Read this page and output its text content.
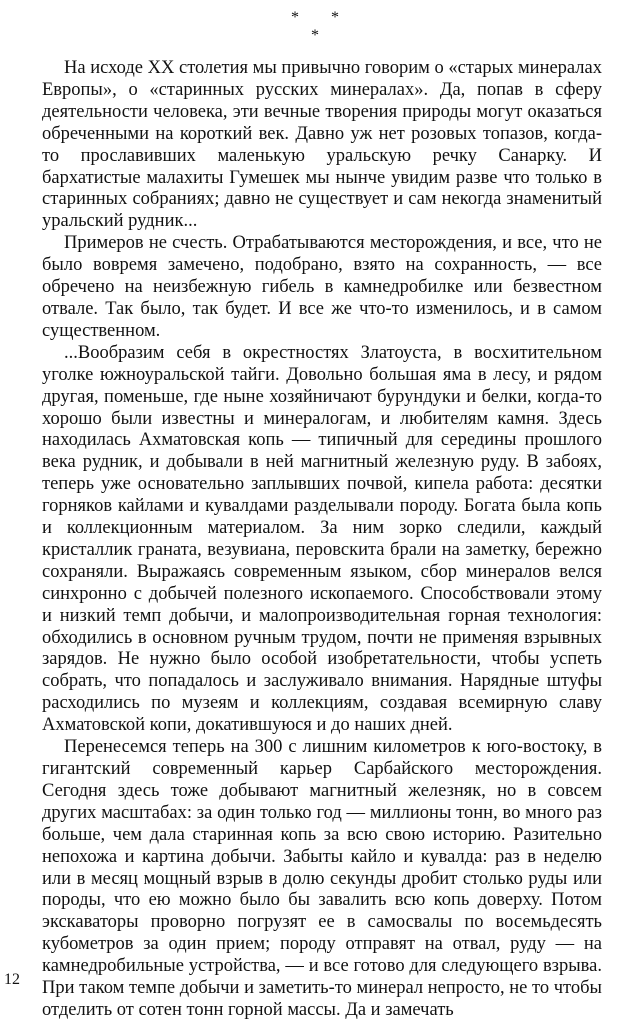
* *
*

На исходе XX столетия мы привычно говорим о «старых минералах Европы», о «старинных русских минералах». Да, попав в сферу деятельности человека, эти вечные творения природы могут оказаться обреченными на короткий век. Давно уж нет розовых топазов, когда-то прославивших маленькую уральскую речку Санарку. И бархатистые малахиты Гумешек мы нынче увидим разве что только в старинных собраниях; давно не существует и сам некогда знаменитый уральский рудник...

Примеров не счесть. Отрабатываются месторождения, и все, что не было вовремя замечено, подобрано, взято на сохранность, — все обречено на неизбежную гибель в камнедробилке или безвестном отвале. Так было, так будет. И все же что-то изменилось, и в самом существенном.

...Вообразим себя в окрестностях Златоуста, в восхитительном уголке южноуральской тайги. Довольно большая яма в лесу, и рядом другая, поменьше, где ныне хозяйничают бурундуки и белки, когда-то хорошо были известны и минералогам, и любителям камня. Здесь находилась Ахматовская копь — типичный для середины прошлого века рудник, и добывали в ней магнитный железную руду. В забоях, теперь уже основательно заплывших почвой, кипела работа: десятки горняков кайлами и кувалдами разделывали породу. Богата была копь и коллекционным материалом. За ним зорко следили, каждый кристаллик граната, везувиана, перовскита брали на заметку, бережно сохраняли. Выражаясь современным языком, сбор минералов велся синхронно с добычей полезного ископаемого. Способствовали этому и низкий темп добычи, и малопроизводительная горная технология: обходились в основном ручным трудом, почти не применяя взрывных зарядов. Не нужно было особой изобретательности, чтобы успеть собрать, что попадалось и заслуживало внимания. Нарядные штуфы расходились по музеям и коллекциям, создавая всемирную славу Ахматовской копи, докатившуюся и до наших дней.

Перенесемся теперь на 300 с лишним километров к юго-востоку, в гигантский современный карьер Сарбайского месторождения. Сегодня здесь тоже добывают магнитный железняк, но в совсем других масштабах: за один только год — миллионы тонн, во много раз больше, чем дала старинная копь за всю свою историю. Разительно непохожа и картина добычи. Забыты кайло и кувалда: раз в неделю или в месяц мощный взрыв в долю секунды дробит столько руды или породы, что ею можно было бы завалить всю копь доверху. Потом экскаваторы проворно погрузят ее в самосвалы по восемьдесять кубометров за один прием; породу отправят на отвал, руду — на камнедробильные устройства, — и все готово для следующего взрыва. При таком темпе добычи и заметить-то минерал непросто, не то чтобы отделить от сотен тонн горной массы. Да и замечать

12
